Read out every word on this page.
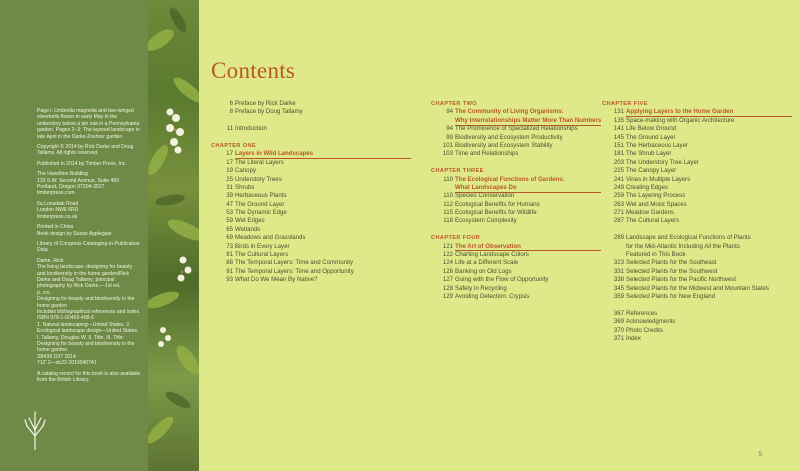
Page i: Umbrella magnolia and two-winged silverbells flower in early May in the understory below a pin oak in a Pennsylvania garden. Pages 2–3: The layered landscape in late April in the Darke-Zoehrer garden

Copyright © 2014 by Rick Darke and Doug Tallamy. All rights reserved.

Published in 2014 by Timber Press, Inc.

The Haseltine Building
133 S.W. Second Avenue, Suite 450
Portland, Oregon 97204-3527
timberpress.com

6a Lonsdale Road
London NW6 6RD
timberpress.co.uk

Printed in China
Book design by Susan Applegate

Library of Congress Cataloging-in-Publication Data

Darke, Rick.
The living landscape: designing for beauty and biodiversity in the home garden/Rick Darke and Doug Tallamy; principal photography by Rick Darke.—1st ed.
p. cm.
Designing for beauty and biodiversity in the home garden
Includes bibliographical references and index.
ISBN 978-1-60469-408-6
1. Natural landscaping—United States. 2. Ecological landscape design—United States. I. Tallamy, Douglas W. II. Title. III. Title: Designing for beauty and biodiversity in the home garden.
SB439.D37 2014
712'.2—dc23 2013040741

A catalog record for this book is also available from the British Library.

Contents
6 Preface by Rick Darke
8 Preface by Doug Tallamy
11 Introduction
CHAPTER ONE
17 Layers in Wild Landscapes
17 The Literal Layers
19 Canopy
25 Understory Trees
31 Shrubs
39 Herbaceous Plants
47 The Ground Layer
53 The Dynamic Edge
59 Wet Edges
65 Wetlands
69 Meadows and Grasslands
73 Birds in Every Layer
81 The Cultural Layers
88 The Temporal Layers: Time and Community
91 The Temporal Layers: Time and Opportunity
93 What Do We Mean By Native?
CHAPTER TWO
94 The Community of Living Organisms:
Why Interrelationships Matter More Than Numbers
94 The Prominence of Specialized Relationships
99 Biodiversity and Ecosystem Productivity
101 Biodiversity and Ecosystem Stability
103 Time and Relationships
CHAPTER THREE
110 The Ecological Functions of Gardens:
What Landscapes Do
110 Species Conservation
112 Ecological Benefits for Humans
115 Ecological Benefits for Wildlife
118 Ecosystem Complexity
CHAPTER FOUR
121 The Art of Observation
122 Charting Landscape Colors
124 Life at a Different Scale
126 Banking on Old Logs
127 Going with the Flow of Opportunity
128 Safety in Recycling
129 Avoiding Detection: Crypsis
CHAPTER FIVE
131 Applying Layers to the Home Garden
135 Space-making with Organic Architecture
141 Life Below Ground
145 The Ground Layer
151 The Herbaceous Layer
181 The Shrub Layer
203 The Understory Tree Layer
225 The Canopy Layer
241 Vines in Multiple Layers
249 Creating Edges
259 The Layering Process
263 Wet and Moist Spaces
271 Meadow Gardens
287 The Cultural Layers
289 Landscape and Ecological Functions of Plants
for the Mid-Atlantic Including All the Plants
Featured in This Book
323 Selected Plants for the Southeast
331 Selected Plants for the Southwest
338 Selected Plants for the Pacific Northwest
345 Selected Plants for the Midwest and Mountain States
359 Selected Plants for New England
367 References
369 Acknowledgments
370 Photo Credits
371 Index
5
